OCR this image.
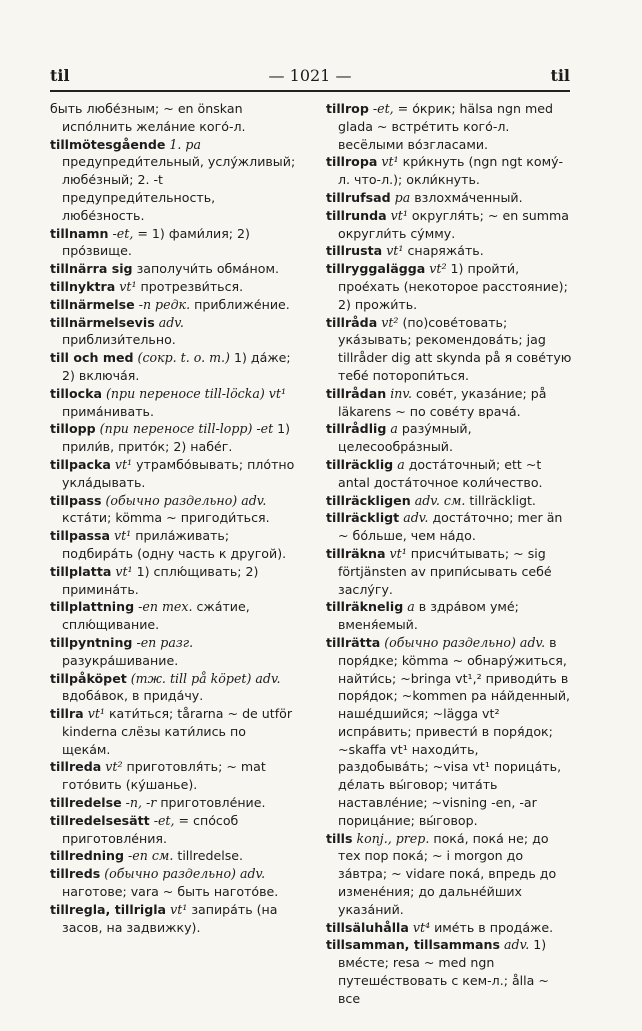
til	— 1021 —	til

быть любе́зным; ~ en önskan испо́лнить жела́ние кого́-л.

tillmötesgående 1. pa предупреди́тельный, услу́жливый; любе́зный; 2. -t предупреди́тельность, любе́зность.

tillnamn -et, = 1) фами́лия; 2) про́звище.

tillnärra sig заполучи́ть обма́ном.

tillnyktra vt¹ протрезви́ться.

tillnärmelse -n редк. приближе́ние.

tillnärmelsevis adv. приблизи́тельно.

till och med (сокр. t. o. m.) 1) да́же; 2) включа́я.

tillocka (при переносе till-löcka) vt¹ прима́нивать.

tillopp (при переносе till-lopp) -et 1) прили́в, прито́к; 2) набе́г.

tillpacka vt¹ утрамбо́вывать; пло́тно укла́дывать.

tillpass (обычно раздельно) adv. кста́ти; kömma ~ пригоди́ться.

tillpassa vt¹ прила́живать; подбира́ть (одну часть к другой).

tillplatta vt¹ 1) сплю́щивать; 2) примина́ть.

tillplattning -en тех. сжа́тие, сплю́щивание.

tillpyntning -en разг. разукра́шивание.

tillpåköpet (тж. till på köpet) adv. вдоба́вок, в прида́чу.

tillra vt¹ кати́ться; tårarna ~ de utför kinderna слёзы кати́лись по щека́м.

tillreda vt² приготовля́ть; ~ mat гото́вить (ку́шанье).

tillredelse -n, -r приготовле́ние.

tillredelsesätt -et, = спо́соб приготовле́ния.

tillredning -en см. tillredelse.

tillreds (обычно раздельно) adv. наготове; vara ~ быть нагото́ве.

tillregla, tillrigla vt¹ запира́ть (на засов, на задвижку).

tillrop -et, = о́крик; hälsa ngn med glada ~ встре́тить кого́-л. весёлыми во́згласами.

tillropa vt¹ кри́кнуть (ngn ngt кому́-л. что-л.); окли́кнуть.

tillrufsad pa взлохма́ченный.

tillrunda vt¹ округля́ть; ~ en summa округли́ть су́мму.

tillrusta vt¹ снаряжа́ть.

tillryggalägga vt² 1) пройти́, прое́хать (некоторое расстояние); 2) прожи́ть.

tillråda vt² (по)сове́товать; ука́зывать; рекомендова́ть; jag tillråder dig att skynda på я сове́тую тебе́ поторопи́ться.

tillrådan inv. сове́т, указа́ние; på läkarens ~ по сове́ту врача́.

tillrådlig a разу́мный, целесообра́зный.

tillräcklig a доста́точный; ett ~t antal доста́точное коли́чество.

tillräckligen adv. см. tillräckligt.

tillräckligt adv. доста́точно; mer än ~ бо́льше, чем на́до.

tillräkna vt¹ присчи́тывать; ~ sig förtjänsten av припи́сывать себе́ заслу́гу.

tillräknelig a в здра́вом уме́; вменя́емый.

tillrätta (обычно раздельно) adv. в поря́дке; kömma ~ обнару́житься, найти́сь; ~bringa vt¹,² приводи́ть в поря́док; ~kommen pa на́йденный, наше́дшийся; ~lägga vt² испра́вить; привести́ в поря́док; ~skaffa vt¹ находи́ть, раздобыва́ть; ~visa vt¹ порица́ть, де́лать вы́говор; чита́ть наставле́ние; ~visning -en, -ar порица́ние; вы́говор.

tills konj., prep. пока́, пока́ не; до тех пор пока́; ~ i morgon до за́втра; ~ vidare пока́, впредь до измене́ния; до дальне́йших указа́ний.

tillsäluhålla vt⁴ име́ть в прода́же.

tillsamman, tillsammans adv. 1) вме́сте; resa ~ med ngn путеше́ствовать с кем-л.; ålla ~ все
